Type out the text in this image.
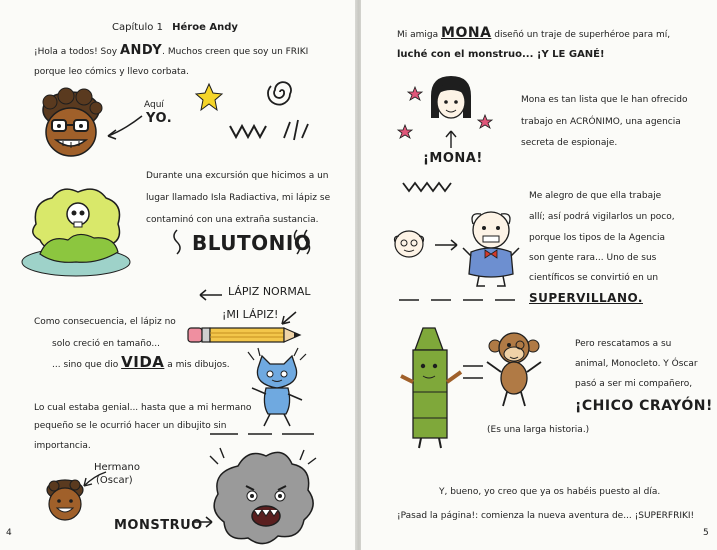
Capítulo 1 Héroe Andy
¡Hola a todos! Soy ANDY. Muchos creen que soy un FRIKI
porque leo cómics y llevo corbata.
Aquí
YO.
Durante una excursión que hicimos a un
lugar llamado Isla Radiactiva, mi lápiz se
contaminó con una extraña sustancia.
BLUTONIO
LÁPIZ NORMAL
¡MI LÁPIZ!
Como consecuencia, el lápiz no
solo creció en tamaño...
... sino que dio VIDA a mis dibujos.
Lo cual estaba genial... hasta que a mi hermano
pequeño se le ocurrió hacer un dibujito sin
importancia.
Hermano
(Oscar)
MONSTRUO
4
Mi amiga MONA diseñó un traje de superhéroe para mí,
luché con el monstruo... ¡Y LE GANÉ!
¡MONA!
Mona es tan lista que le han ofrecido
trabajo en ACRÓNIMO, una agencia
secreta de espionaje.
Me alegro de que ella trabaje
allí; así podrá vigilarlos un poco,
porque los tipos de la Agencia
son gente rara... Uno de sus
científicos se convirtió en un
SUPERVILLANO.
Pero rescatamos a su
animal, Monocleto. Y Óscar
pasó a ser mi compañero,
¡CHICO CRAYÓN!
(Es una larga historia.)
Y, bueno, yo creo que ya os habéis puesto al día.
¡Pasad la página!: comienza la nueva aventura de... ¡SUPERFRIKI!
5
